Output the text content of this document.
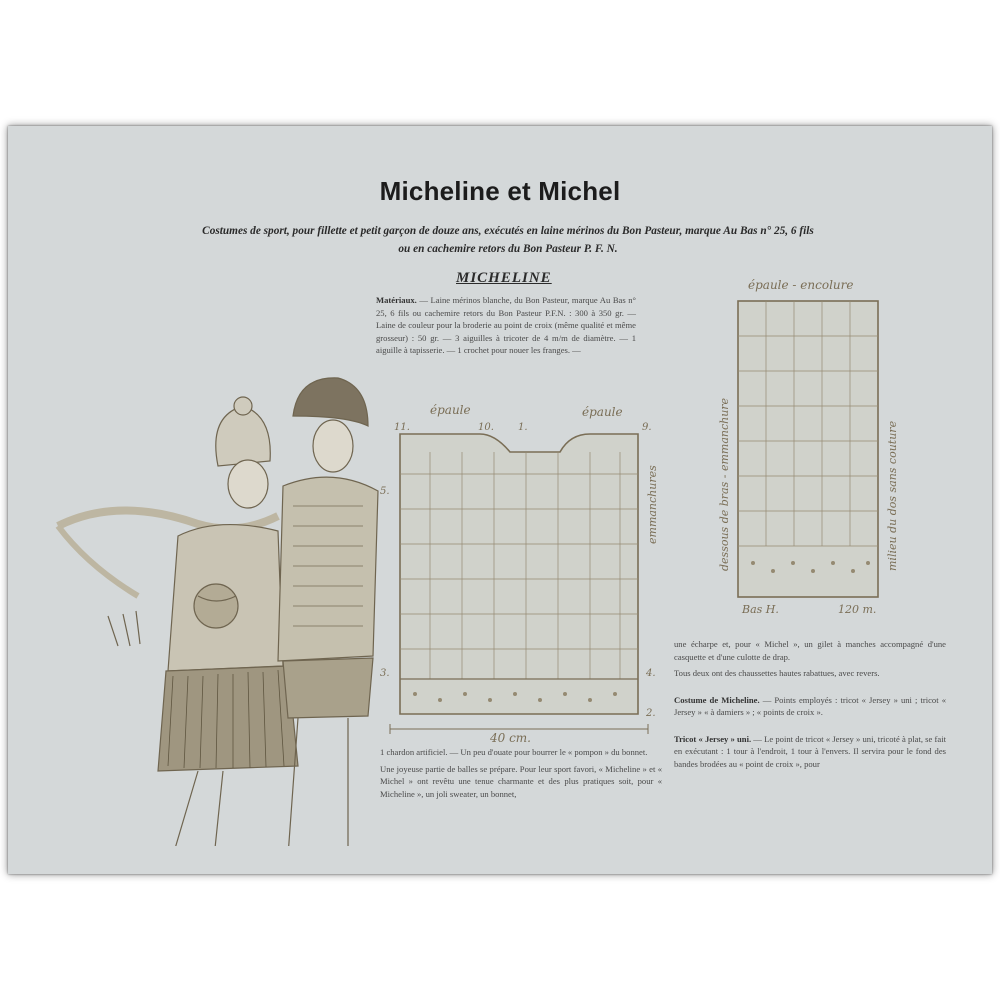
Micheline et Michel
Costumes de sport, pour fillette et petit garçon de douze ans, exécutés en laine mérinos du Bon Pasteur, marque Au Bas n° 25, 6 fils
ou en cachemire retors du Bon Pasteur P. F. N.
MICHELINE

Matériaux. — Laine mérinos blanche, du Bon Pasteur, marque Au Bas n° 25, 6 fils ou cachemire retors du Bon Pasteur P.F.N. : 300 à 350 gr. — Laine de couleur pour la broderie au point de croix (même qualité et même grosseur) : 50 gr. — 3 aiguilles à tricoter de 4 m/m de diamètre. — 1 aiguille à tapisserie. — 1 crochet pour nouer les franges. —

épaule	épaule
emmanchures
40 cm.
11.	10. 1.	9.
5.
3.	4.
2.
épaule - encolure
dessous de bras - emmanchure	milieu du dos sans couture
Bas H.	120 m.

1 chardon artificiel. — Un peu d'ouate pour bourrer le « pompon » du bonnet.

Une joyeuse partie de balles se prépare. Pour leur sport favori, « Micheline » et « Michel » ont revêtu une tenue charmante et des plus pratiques soit, pour « Micheline », un joli sweater, un bonnet,

une écharpe et, pour « Michel », un gilet à manches accompagné d'une casquette et d'une culotte de drap.

Tous deux ont des chaussettes hautes rabattues, avec revers.

Costume de Micheline. — Points employés : tricot « Jersey » uni ; tricot « Jersey » « à damiers » ; « points de croix ».

Tricot « Jersey » uni. — Le point de tricot « Jersey » uni, tricoté à plat, se fait en exécutant : 1 tour à l'endroit, 1 tour à l'envers. Il servira pour le fond des bandes brodées au « point de croix », pour
